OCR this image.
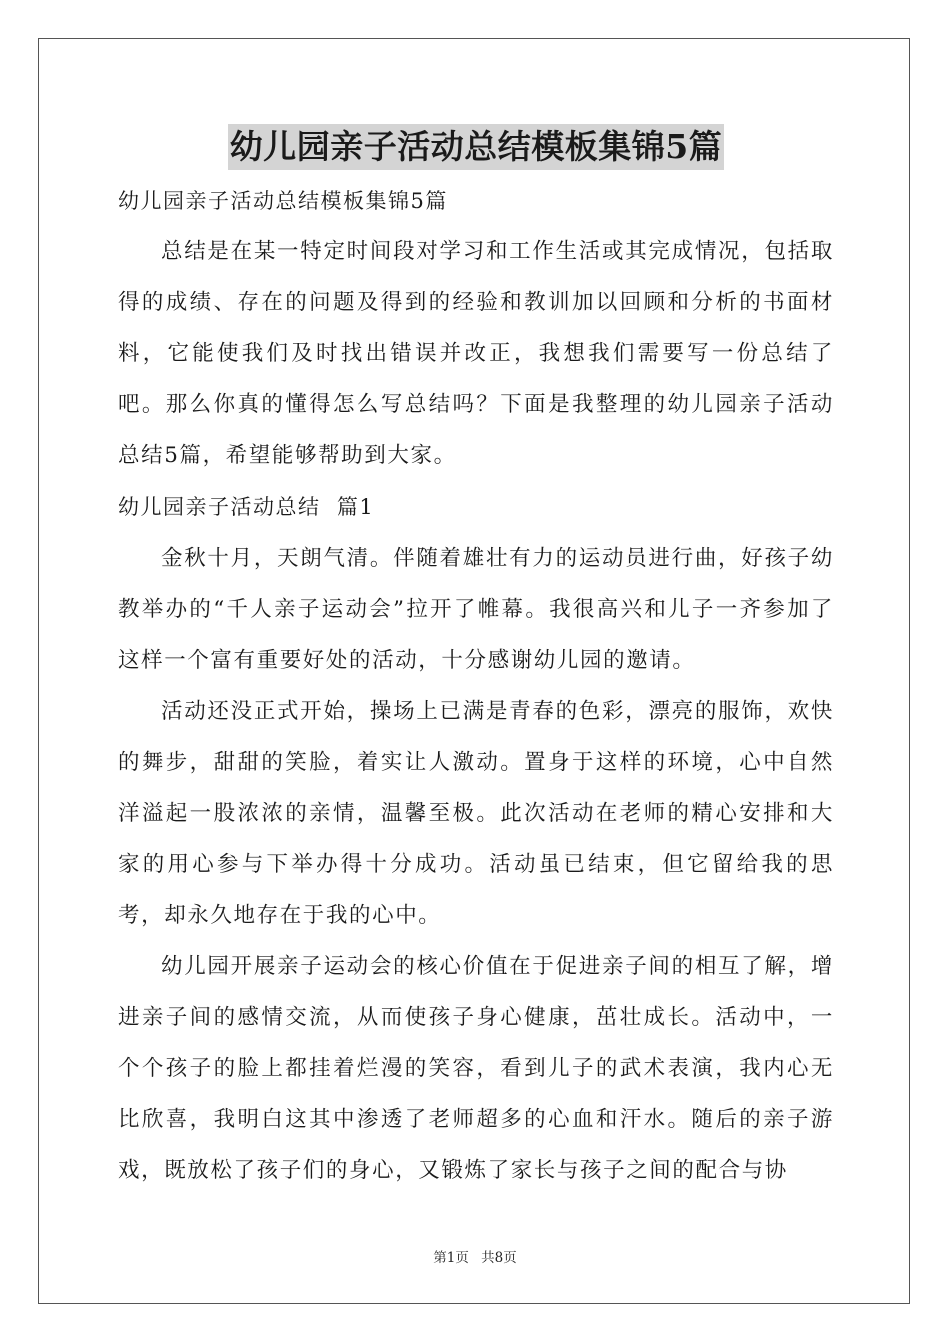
幼儿园亲子活动总结模板集锦5篇
幼儿园亲子活动总结模板集锦5篇

总结是在某一特定时间段对学习和工作生活或其完成情况，包括取得的成绩、存在的问题及得到的经验和教训加以回顾和分析的书面材料，它能使我们及时找出错误并改正，我想我们需要写一份总结了吧。那么你真的懂得怎么写总结吗？下面是我整理的幼儿园亲子活动总结5篇，希望能够帮助到大家。

幼儿园亲子活动总结  篇1

金秋十月，天朗气清。伴随着雄壮有力的运动员进行曲，好孩子幼教举办的“千人亲子运动会”拉开了帷幕。我很高兴和儿子一齐参加了这样一个富有重要好处的活动，十分感谢幼儿园的邀请。

活动还没正式开始，操场上已满是青春的色彩，漂亮的服饰，欢快的舞步，甜甜的笑脸，着实让人激动。置身于这样的环境，心中自然洋溢起一股浓浓的亲情，温馨至极。此次活动在老师的精心安排和大家的用心参与下举办得十分成功。活动虽已结束，但它留给我的思考，却永久地存在于我的心中。

幼儿园开展亲子运动会的核心价值在于促进亲子间的相互了解，增进亲子间的感情交流，从而使孩子身心健康，茁壮成长。活动中，一个个孩子的脸上都挂着烂漫的笑容，看到儿子的武术表演，我内心无比欣喜，我明白这其中渗透了老师超多的心血和汗水。随后的亲子游戏，既放松了孩子们的身心，又锻炼了家长与孩子之间的配合与协

第1页 共8页
